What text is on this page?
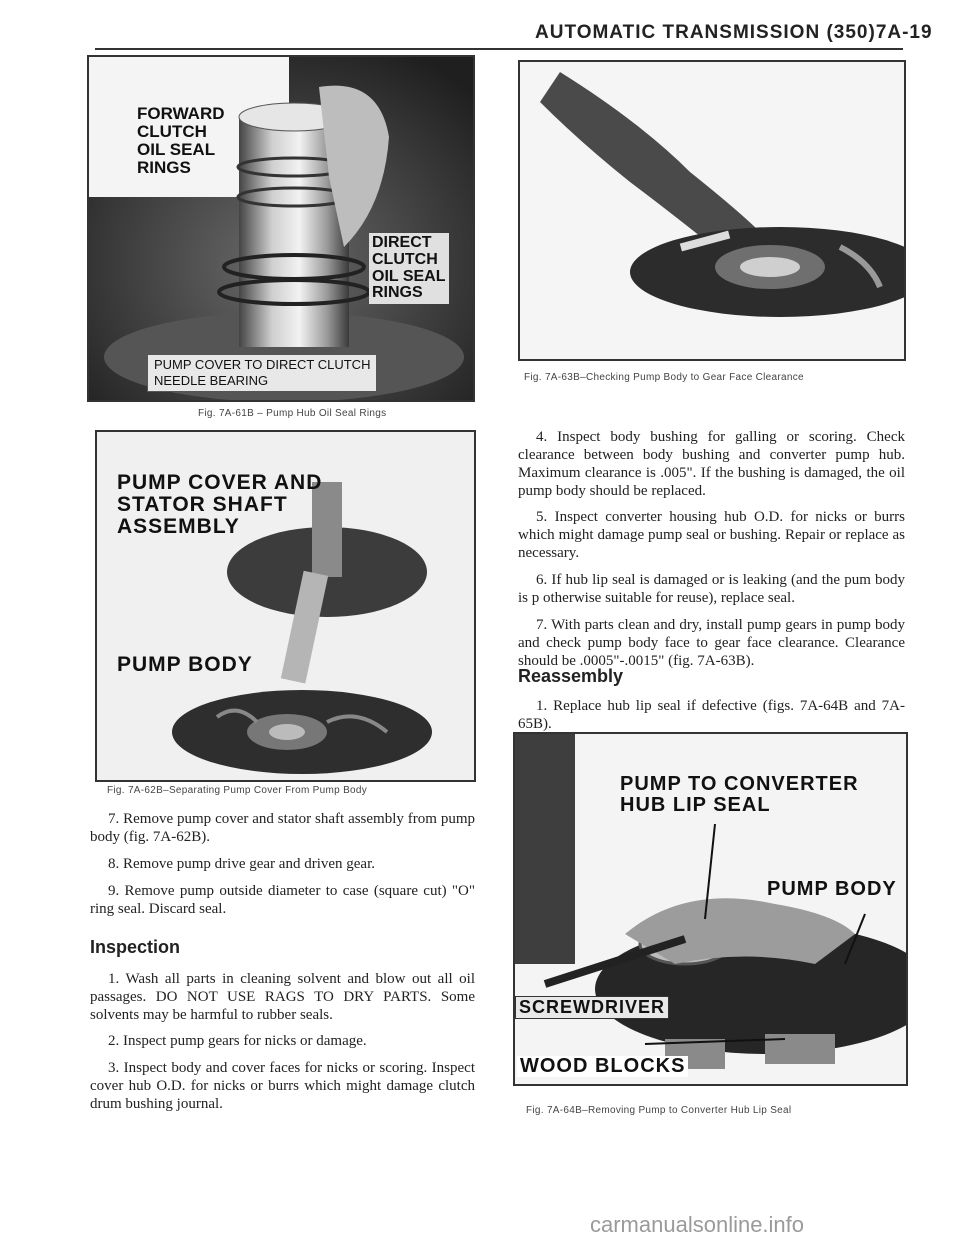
AUTOMATIC TRANSMISSION (350)7A-19
FORWARD
CLUTCH
OIL SEAL
RINGS
DIRECT
CLUTCH
OIL SEAL
RINGS
PUMP COVER TO DIRECT CLUTCH
NEEDLE BEARING
Fig. 7A-61B – Pump Hub Oil Seal Rings
PUMP COVER AND
STATOR SHAFT
ASSEMBLY
PUMP BODY
Fig. 7A-62B–Separating Pump Cover From Pump Body
7. Remove pump cover and stator shaft assembly from pump body (fig. 7A-62B).
8. Remove pump drive gear and driven gear.
9. Remove pump outside diameter to case (square cut) "O" ring seal. Discard seal.
Inspection
1. Wash all parts in cleaning solvent and blow out all oil passages. DO NOT USE RAGS TO DRY PARTS. Some solvents may be harmful to rubber seals.
2. Inspect pump gears for nicks or damage.
3. Inspect body and cover faces for nicks or scoring. Inspect cover hub O.D. for nicks or burrs which might damage clutch drum bushing journal.
Fig. 7A-63B–Checking Pump Body to Gear Face Clearance
4. Inspect body bushing for galling or scoring. Check clearance between body bushing and converter pump hub. Maximum clearance is .005". If the bushing is damaged, the oil pump body should be replaced.
5. Inspect converter housing hub O.D. for nicks or burrs which might damage pump seal or bushing. Repair or replace as necessary.
6. If hub lip seal is damaged or is leaking (and the pum body is p otherwise suitable for reuse), replace seal.
7. With parts clean and dry, install pump gears in pump body and check pump body face to gear face clearance. Clearance should be .0005"-.0015" (fig. 7A-63B).
Reassembly
1. Replace hub lip seal if defective (figs. 7A-64B and 7A-65B).
PUMP TO CONVERTER
HUB LIP SEAL
PUMP BODY
SCREWDRIVER
WOOD BLOCKS
Fig. 7A-64B–Removing Pump to Converter Hub Lip Seal
carmanualsonline.info
